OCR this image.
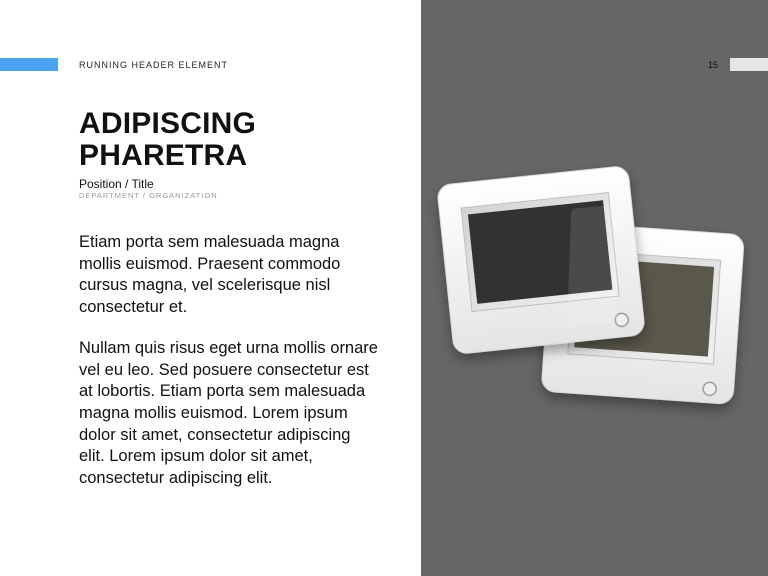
RUNNING HEADER ELEMENT	15
ADIPISCING
PHARETRA
Position / Title
DEPARTMENT / ORGANIZATION

Etiam porta sem malesuada magna mollis euismod. Praesent commodo cursus magna, vel scelerisque nisl consectetur et.

Nullam quis risus eget urna mollis ornare vel eu leo. Sed posuere consectetur est at lobortis. Etiam porta sem malesuada magna mollis euismod. Lorem ipsum dolor sit amet, consectetur adipiscing elit. Lorem ipsum dolor sit amet, consectetur adipiscing elit.
